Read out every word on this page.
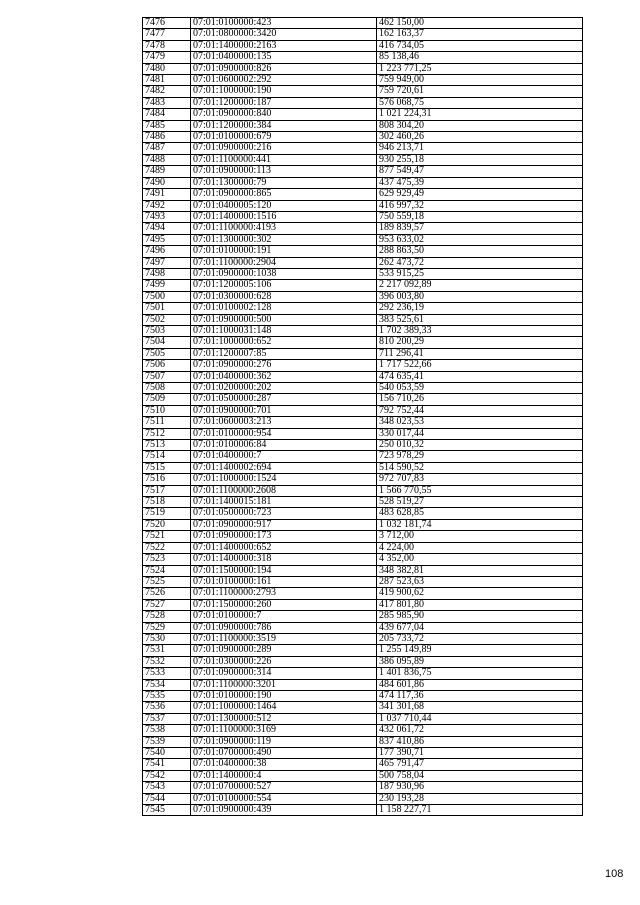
7476	07:01:0100000:423	462 150,00
7477	07:01:0800000:3420	162 163,37
7478	07:01:1400000:2163	416 734,05
7479	07:01:0400000:135	85 138,46
7480	07:01:0900000:826	1 223 771,25
7481	07:01:0600002:292	759 949,00
7482	07:01:1000000:190	759 720,61
7483	07:01:1200000:187	576 068,75
7484	07:01:0900000:840	1 021 224,31
7485	07:01:1200000:384	808 304,20
7486	07:01:0100000:679	302 460,26
7487	07:01:0900000:216	946 213,71
7488	07:01:1100000:441	930 255,18
7489	07:01:0900000:113	877 549,47
7490	07:01:1300000:79	437 475,39
7491	07:01:0900000:865	629 929,49
7492	07:01:0400005:120	416 997,32
7493	07:01:1400000:1516	750 559,18
7494	07:01:1100000:4193	189 839,57
7495	07:01:1300000:302	953 633,02
7496	07:01:0100000:191	288 863,50
7497	07:01:1100000:2904	262 473,72
7498	07:01:0900000:1038	533 915,25
7499	07:01:1200005:106	2 217 092,89
7500	07:01:0300000:628	396 003,80
7501	07:01:0100002:128	292 236,19
7502	07:01:0900000:500	383 525,61
7503	07:01:1000031:148	1 702 389,33
7504	07:01:1000000:652	810 200,29
7505	07:01:1200007:85	711 296,41
7506	07:01:0900000:276	1 717 522,66
7507	07:01:0400000:362	474 635,41
7508	07:01:0200000:202	540 053,59
7509	07:01:0500000:287	156 710,26
7510	07:01:0900000:701	792 752,44
7511	07:01:0600003:213	348 023,53
7512	07:01:0100000:954	330 017,44
7513	07:01:0100006:84	250 010,32
7514	07:01:0400000:7	723 978,29
7515	07:01:1400002:694	514 590,52
7516	07:01:1000000:1524	972 707,83
7517	07:01:1100000:2608	1 566 770,55
7518	07:01:1400015:181	528 519,27
7519	07:01:0500000:723	483 628,85
7520	07:01:0900000:917	1 032 181,74
7521	07:01:0900000:173	3 712,00
7522	07:01:1400000:652	4 224,00
7523	07:01:1400000:318	4 352,00
7524	07:01:1500000:194	348 382,81
7525	07:01:0100000:161	287 523,63
7526	07:01:1100000:2793	419 900,62
7527	07:01:1500000:260	417 801,80
7528	07:01:0100000:7	285 985,90
7529	07:01:0900000:786	439 677,04
7530	07:01:1100000:3519	205 733,72
7531	07:01:0900000:289	1 255 149,89
7532	07:01:0300000:226	386 095,89
7533	07:01:0900000:314	1 401 836,75
7534	07:01:1100000:3201	484 601,86
7535	07:01:0100000:190	474 117,36
7536	07:01:1000000:1464	341 301,68
7537	07:01:1300000:512	1 037 710,44
7538	07:01:1100000:3169	432 061,72
7539	07:01:0900000:119	837 410,86
7540	07:01:0700000:490	177 390,71
7541	07:01:0400000:38	465 791,47
7542	07:01:1400000:4	500 758,04
7543	07:01:0700000:527	187 930,96
7544	07:01:0100000:554	230 193,28
7545	07:01:0900000:439	1 158 227,71
108
